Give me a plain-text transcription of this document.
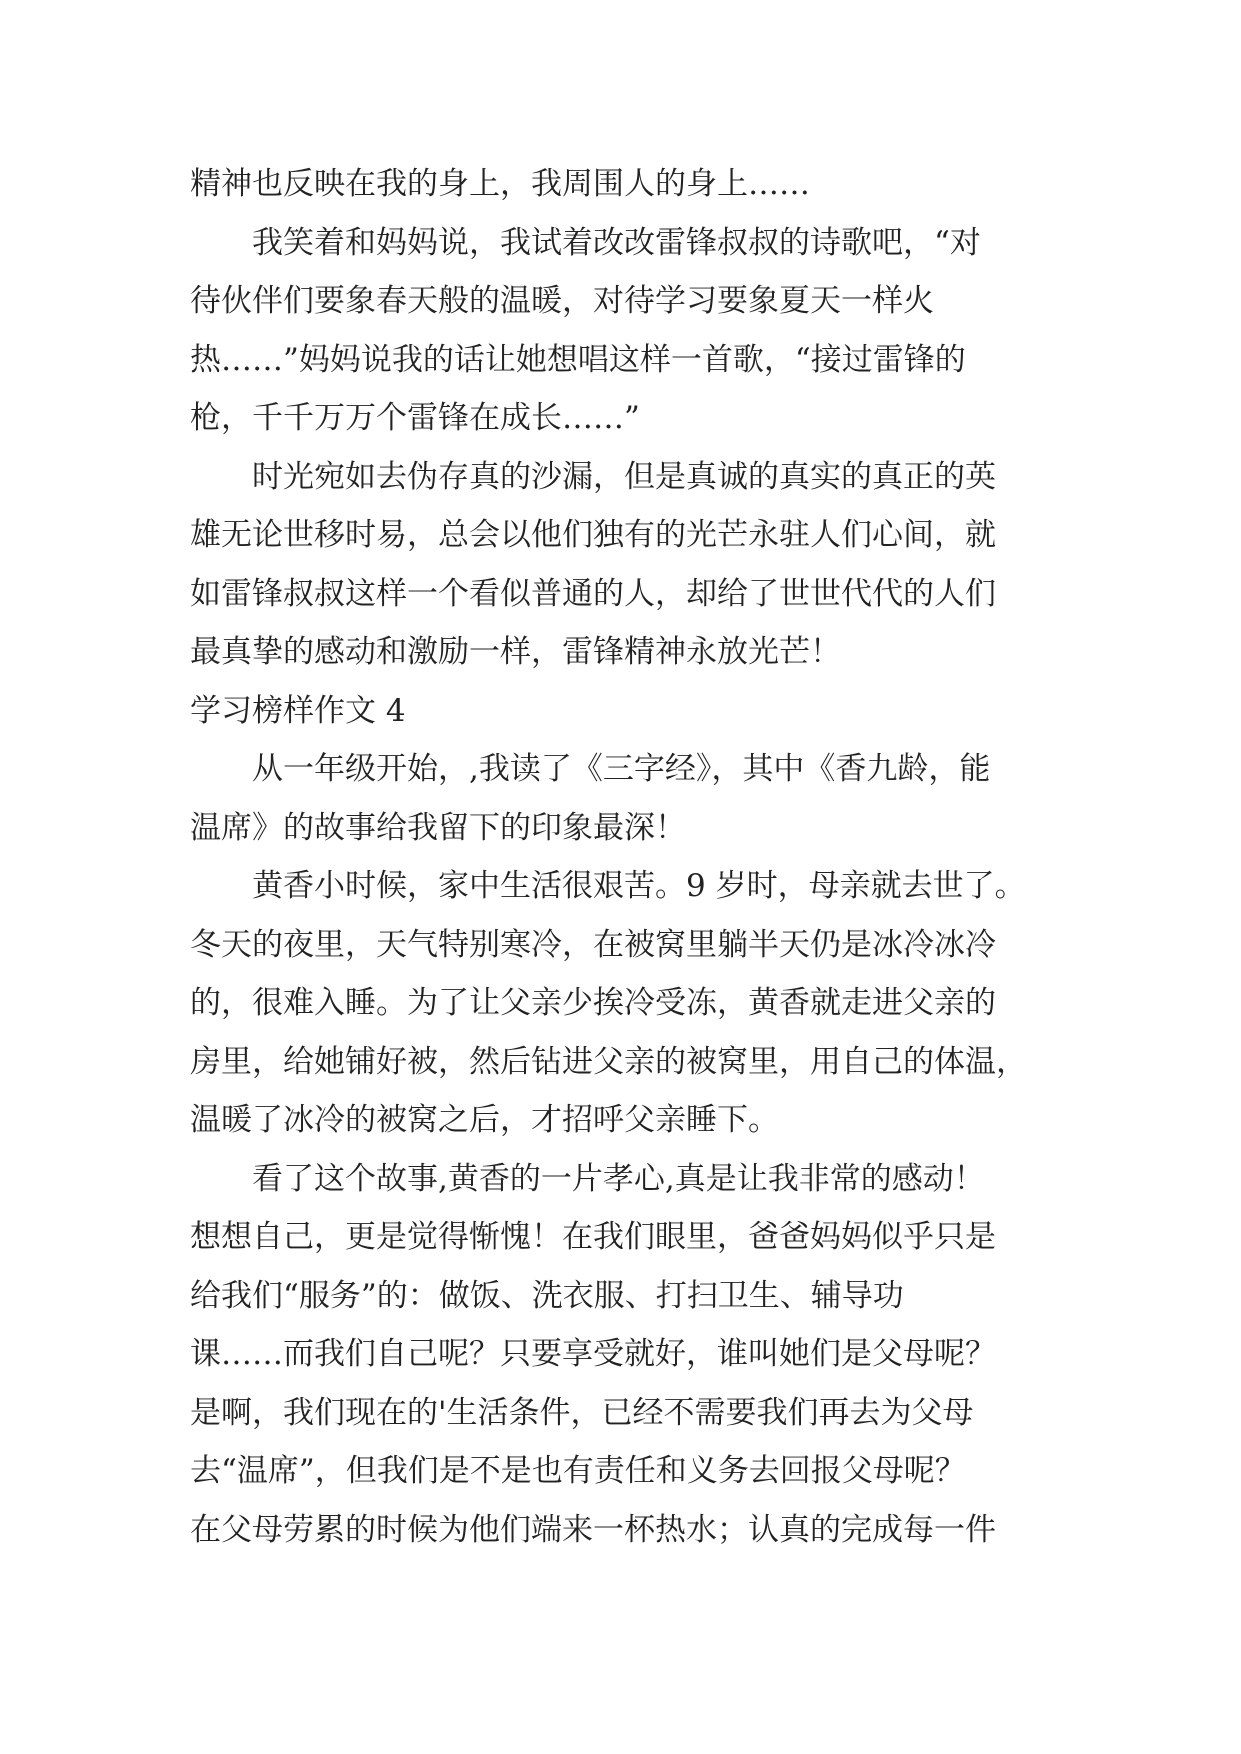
精神也反映在我的身上，我周围人的身上……

我笑着和妈妈说，我试着改改雷锋叔叔的诗歌吧，“对

待伙伴们要象春天般的温暖，对待学习要象夏天一样火

热……”妈妈说我的话让她想唱这样一首歌，“接过雷锋的

枪，千千万万个雷锋在成长……”

时光宛如去伪存真的沙漏，但是真诚的真实的真正的英

雄无论世移时易，总会以他们独有的光芒永驻人们心间，就

如雷锋叔叔这样一个看似普通的人，却给了世世代代的人们

最真挚的感动和激励一样，雷锋精神永放光芒！

学习榜样作文 4

从一年级开始，,我读了《三字经》，其中《香九龄，能

温席》的故事给我留下的印象最深！

黄香小时候，家中生活很艰苦。9 岁时，母亲就去世了。

冬天的夜里，天气特别寒冷，在被窝里躺半天仍是冰冷冰冷

的，很难入睡。为了让父亲少挨冷受冻，黄香就走进父亲的

房里，给她铺好被，然后钻进父亲的被窝里，用自己的体温，

温暖了冰冷的被窝之后，才招呼父亲睡下。

看了这个故事,黄香的一片孝心,真是让我非常的感动！

想想自己，更是觉得惭愧！在我们眼里，爸爸妈妈似乎只是

给我们“服务”的：做饭、洗衣服、打扫卫生、辅导功

课……而我们自己呢？只要享受就好，谁叫她们是父母呢？

是啊，我们现在的'生活条件，已经不需要我们再去为父母

去“温席”，但我们是不是也有责任和义务去回报父母呢？

在父母劳累的时候为他们端来一杯热水；认真的完成每一件
